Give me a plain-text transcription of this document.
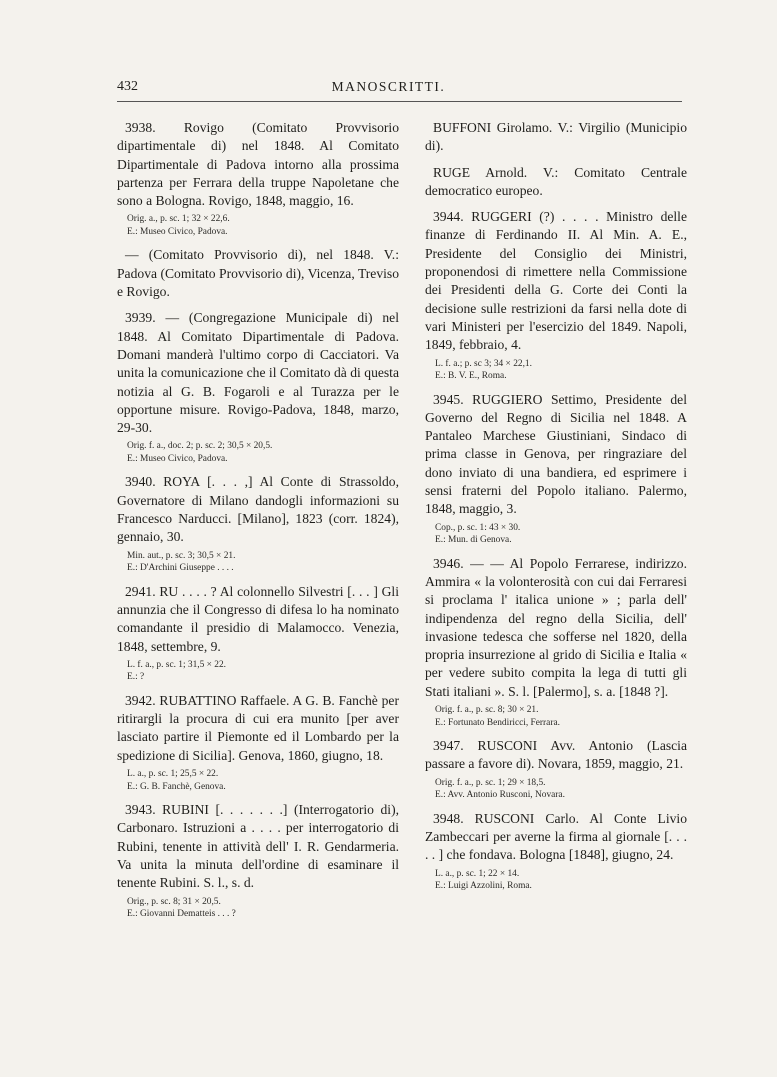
432	MANOSCRITTI.

3938. Rovigo (Comitato Provvisorio dipartimentale di) nel 1848. Al Comitato Dipartimentale di Padova intorno alla prossima partenza per Ferrara della truppe Napoletane che sono a Bologna. Rovigo, 1848, maggio, 16.

Orig. a., p. sc. 1; 32 × 22,6.
E.: Museo Civico, Padova.

— (Comitato Provvisorio di), nel 1848. V.: Padova (Comitato Provvisorio di), Vicenza, Treviso e Rovigo.

3939. — (Congregazione Municipale di) nel 1848. Al Comitato Dipartimentale di Padova. Domani manderà l'ultimo corpo di Cacciatori. Va unita la comunicazione che il Comitato dà di questa notizia al G. B. Fogaroli e al Turazza per le opportune misure. Rovigo-Padova, 1848, marzo, 29-30.

Orig. f. a., doc. 2; p. sc. 2; 30,5 × 20,5.
E.: Museo Civico, Padova.

3940. ROYA [. . . ,] Al Conte di Strassoldo, Governatore di Milano dandogli informazioni su Francesco Narducci. [Milano], 1823 (corr. 1824), gennaio, 30.

Min. aut., p. sc. 3; 30,5 × 21.
E.: D'Archini Giuseppe . . . .

2941. RU . . . . ? Al colonnello Silvestri [. . . ] Gli annunzia che il Congresso di difesa lo ha nominato comandante il presidio di Malamocco. Venezia, 1848, settembre, 9.

L. f. a., p. sc. 1; 31,5 × 22.
E.: ?

3942. RUBATTINO Raffaele. A G. B. Fanchè per ritirargli la procura di cui era munito [per aver lasciato partire il Piemonte ed il Lombardo per la spedizione di Sicilia]. Genova, 1860, giugno, 18.

L. a., p. sc. 1; 25,5 × 22.
E.: G. B. Fanchè, Genova.

3943. RUBINI [. . . . . . .] (Interrogatorio di), Carbonaro. Istruzioni a . . . . per interrogatorio di Rubini, tenente in attività dell' I. R. Gendarmeria. Va unita la minuta dell'ordine di esaminare il tenente Rubini. S. l., s. d.

Orig., p. sc. 8; 31 × 20,5.
E.: Giovanni Dematteis . . . ?

BUFFONI Girolamo. V.: Virgilio (Municipio di).

RUGE Arnold. V.: Comitato Centrale democratico europeo.

3944. RUGGERI (?) . . . . Ministro delle finanze di Ferdinando II. Al Min. A. E., Presidente del Consiglio dei Ministri, proponendosi di rimettere nella Commissione dei Presidenti della G. Corte dei Conti la decisione sulle restrizioni da farsi nella dote di vari Ministeri per l'esercizio del 1849. Napoli, 1849, febbraio, 4.

L. f. a.; p. sc 3; 34 × 22,1.
E.: B. V. E., Roma.

3945. RUGGIERO Settimo, Presidente del Governo del Regno di Sicilia nel 1848. A Pantaleo Marchese Giustiniani, Sindaco di prima classe in Genova, per ringraziare del dono inviato di una bandiera, ed esprimere i sensi fraterni del Popolo italiano. Palermo, 1848, maggio, 3.

Cop., p. sc. 1: 43 × 30.
E.: Mun. di Genova.

3946. — — Al Popolo Ferrarese, indirizzo. Ammira « la volonterosità con cui dai Ferraresi si proclama l' italica unione » ; parla dell' indipendenza del regno della Sicilia, dell' invasione tedesca che sofferse nel 1820, della propria insurrezione al grido di Sicilia e Italia « per vedere subito compita la lega di tutti gli Stati italiani ». S. l. [Palermo], s. a. [1848 ?].

Orig. f. a., p. sc. 8; 30 × 21.
E.: Fortunato Bendiricci, Ferrara.

3947. RUSCONI Avv. Antonio (Lascia passare a favore di). Novara, 1859, maggio, 21.

Orig. f. a., p. sc. 1; 29 × 18,5.
E.: Avv. Antonio Rusconi, Novara.

3948. RUSCONI Carlo. Al Conte Livio Zambeccari per averne la firma al giornale [. . . . . ] che fondava. Bologna [1848], giugno, 24.

L. a., p. sc. 1; 22 × 14.
E.: Luigi Azzolini, Roma.
